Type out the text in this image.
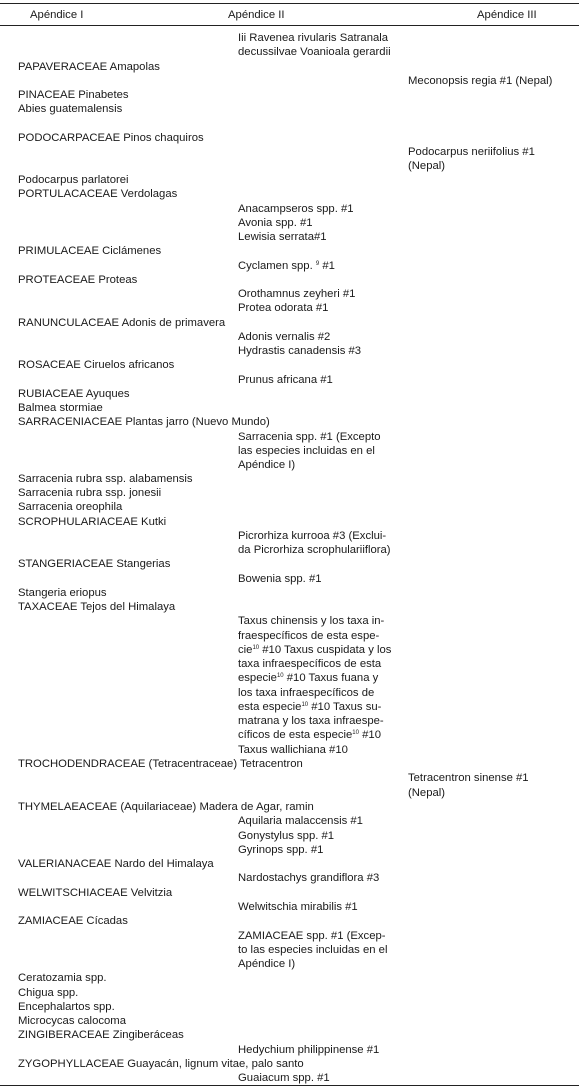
Apéndice I	Apéndice II	Apéndice III
Iii Ravenea rivularis Satranala
decussilvae Voanioala gerardii
PAPAVERACEAE Amapolas
Meconopsis regia #1 (Nepal)
PINACEAE Pinabetes
Abies guatemalensis
PODOCARPACEAE Pinos chaquiros
Podocarpus neriifolius #1
(Nepal)
Podocarpus parlatorei
PORTULACACEAE Verdolagas
Anacampseros spp. #1
Avonia spp. #1
Lewisia serrata#1
PRIMULACEAE Ciclámenes
Cyclamen spp. $^9$ #1
PROTEACEAE Proteas
Orothamnus zeyheri #1
Protea odorata #1
RANUNCULACEAE Adonis de primavera
Adonis vernalis #2
Hydrastis canadensis #3
ROSACEAE Ciruelos africanos
Prunus africana #1
RUBIACEAE Ayuques
Balmea stormiae
SARRACENIACEAE Plantas jarro (Nuevo Mundo)
Sarracenia spp. #1 (Excepto
las especies incluidas en el
Apéndice I)
Sarracenia rubra ssp. alabamensis
Sarracenia rubra ssp. jonesii
Sarracenia oreophila
SCROPHULARIACEAE Kutki
Picrorhiza kurrooa #3 (Exclui-
da Picrorhiza scrophulariiflora)
STANGERIACEAE Stangerias
Bowenia spp. #1
Stangeria eriopus
TAXACEAE Tejos del Himalaya
Taxus chinensis y los taxa in-
fraespecíficos de esta espe-
cie$^{10}$ #10 Taxus cuspidata y los
taxa infraespecíficos de esta
especie$^{10}$ #10 Taxus fuana y
los taxa infraespecíficos de
esta especie$^{10}$ #10 Taxus su-
matrana y los taxa infraespe-
cíficos de esta especie$^{10}$ #10
Taxus wallichiana #10
TROCHODENDRACEAE (Tetracentraceae) Tetracentron
Tetracentron sinense #1
(Nepal)
THYMELAEACEAE (Aquilariaceae) Madera de Agar, ramin
Aquilaria malaccensis #1
Gonystylus spp. #1
Gyrinops spp. #1
VALERIANACEAE Nardo del Himalaya
Nardostachys grandiflora #3
WELWITSCHIACEAE Velvitzia
Welwitschia mirabilis #1
ZAMIACEAE Cícadas
ZAMIACEAE spp. #1 (Excep-
to las especies incluidas en el
Apéndice I)
Ceratozamia spp.
Chigua spp.
Encephalartos spp.
Microcycas calocoma
ZINGIBERACEAE Zingiberáceas
Hedychium philippinense #1
ZYGOPHYLLACEAE Guayacán, lignum vitae, palo santo
Guaiacum spp. #1
